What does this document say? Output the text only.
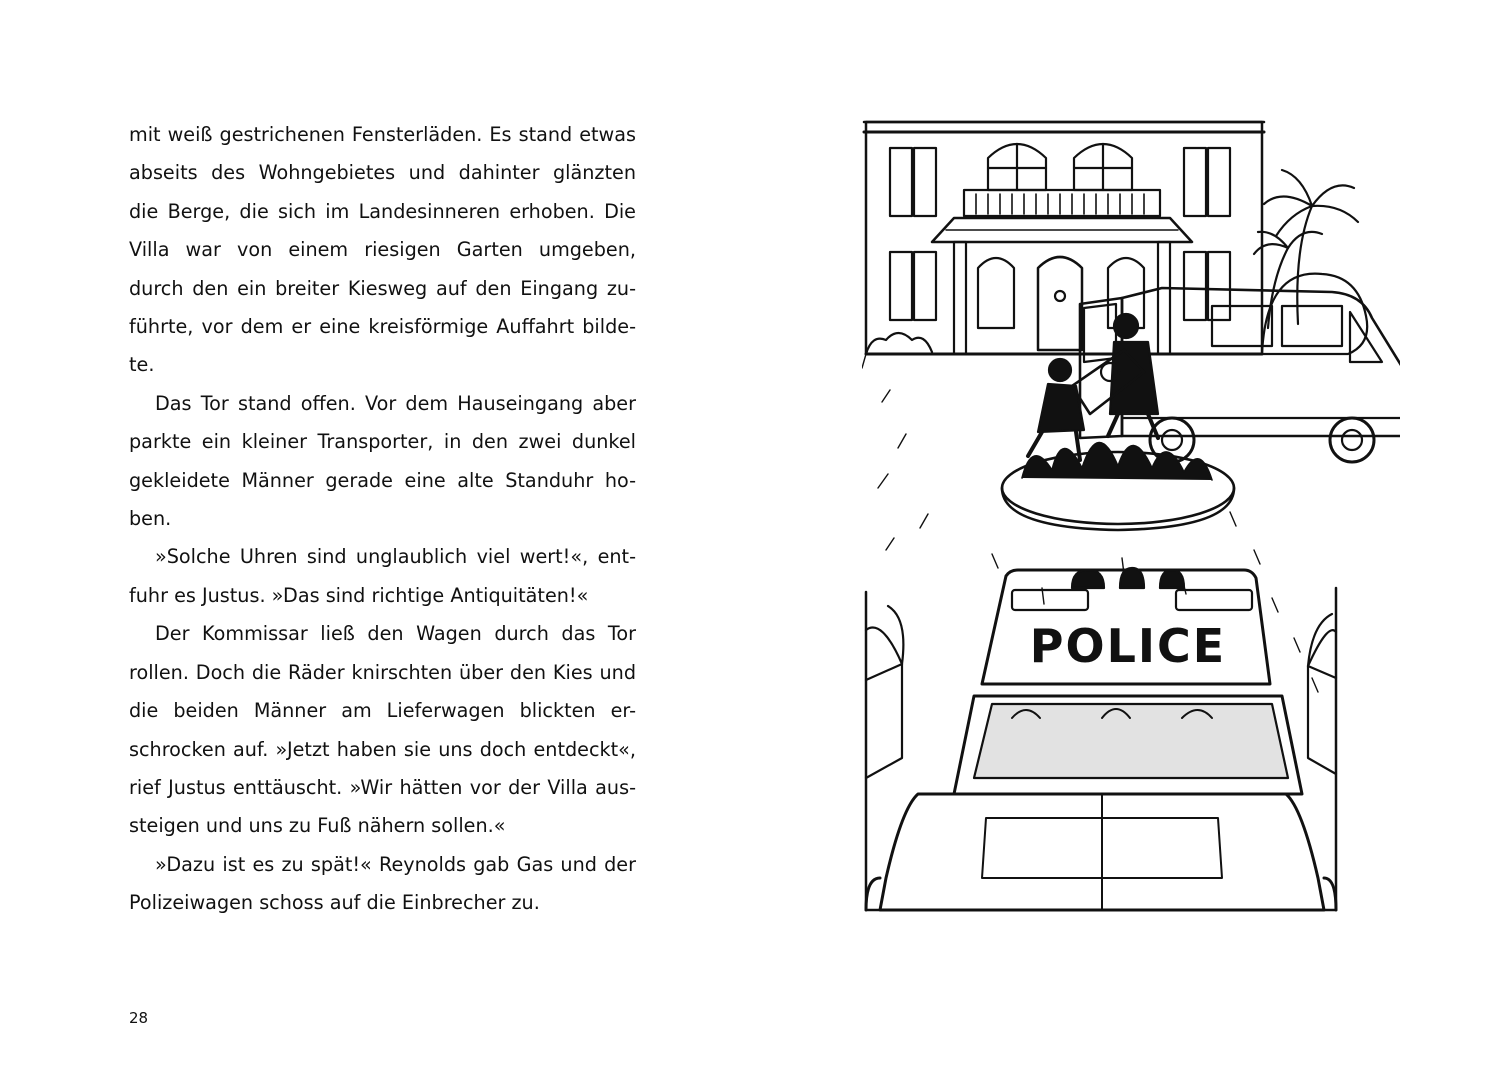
mit weiß gestrichenen Fensterläden. Es stand etwas

abseits des Wohngebietes und dahinter glänzten

die Berge, die sich im Landesinneren erhoben. Die

Villa war von einem riesigen Garten umgeben,

durch den ein breiter Kiesweg auf den Eingang zu-

führte, vor dem er eine kreisförmige Auffahrt bilde-

te.

Das Tor stand offen. Vor dem Hauseingang aber

parkte ein kleiner Transporter, in den zwei dunkel

gekleidete Männer gerade eine alte Standuhr ho-

ben.

»Solche Uhren sind unglaublich viel wert!«, ent-

fuhr es Justus. »Das sind richtige Antiquitäten!«

Der Kommissar ließ den Wagen durch das Tor

rollen. Doch die Räder knirschten über den Kies und

die beiden Männer am Lieferwagen blickten er-

schrocken auf. »Jetzt haben sie uns doch entdeckt«,

rief Justus enttäuscht. »Wir hätten vor der Villa aus-

steigen und uns zu Fuß nähern sollen.«

»Dazu ist es zu spät!« Reynolds gab Gas und der

Polizeiwagen schoss auf die Einbrecher zu.

28
POLICE
